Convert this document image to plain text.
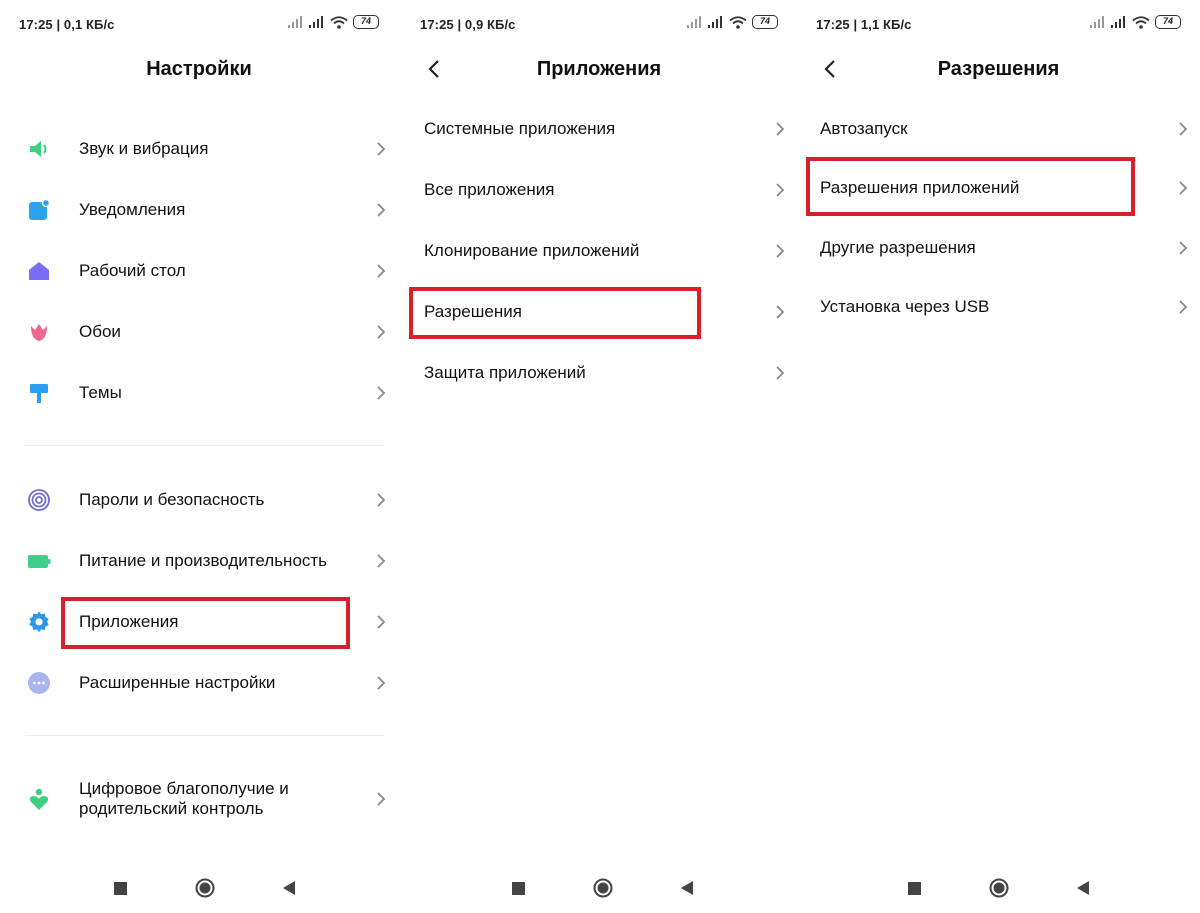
17:25 | 0,1 КБ/с	74
Настройки
Звук и вибрация
Уведомления
Рабочий стол
Обои
Темы
Пароли и безопасность
Питание и производительность
Приложения
Расширенные настройки
Цифровое благополучие и родительский контроль
17:25 | 0,9 КБ/с	74
Приложения
Системные приложения
Все приложения
Клонирование приложений
Разрешения
Защита приложений
17:25 | 1,1 КБ/с	74
Разрешения
Автозапуск
Разрешения приложений
Другие разрешения
Установка через USB
